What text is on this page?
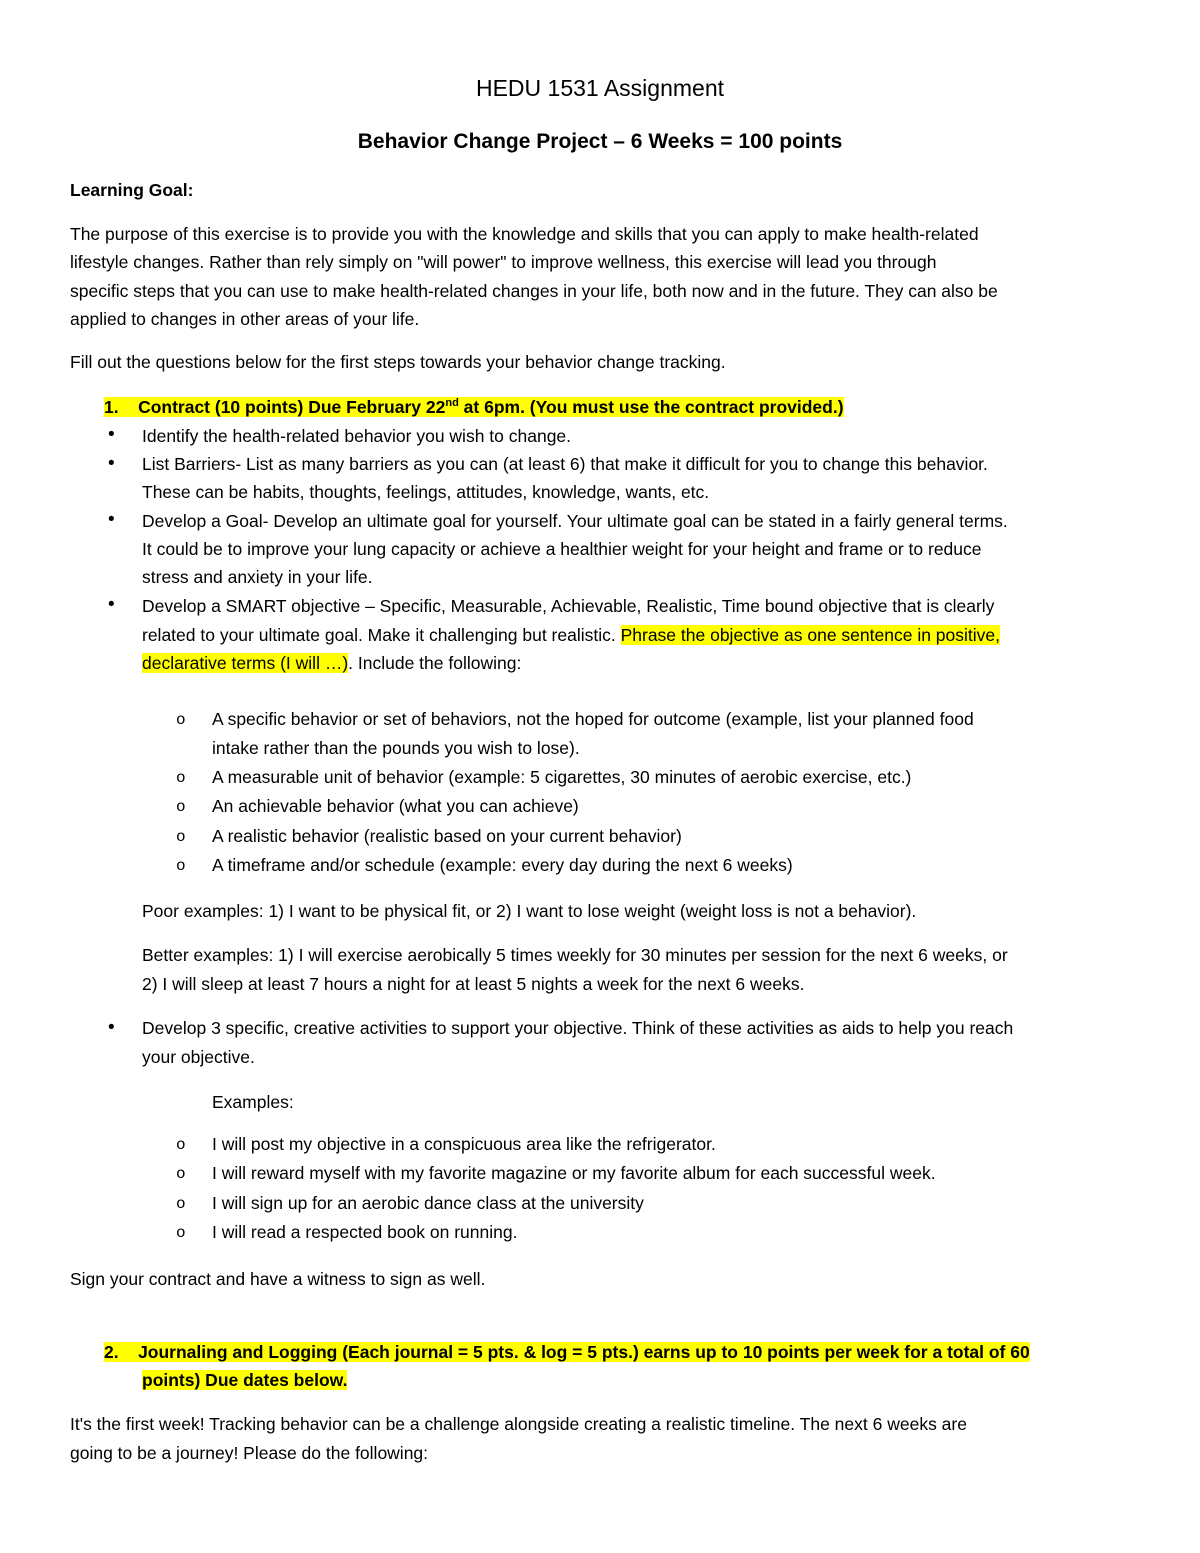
HEDU 1531 Assignment
Behavior Change Project – 6 Weeks = 100 points
Learning Goal:
The purpose of this exercise is to provide you with the knowledge and skills that you can apply to make health-related
lifestyle changes. Rather than rely simply on "will power" to improve wellness, this exercise will lead you through
specific steps that you can use to make health-related changes in your life, both now and in the future. They can also be
applied to changes in other areas of your life.
Fill out the questions below for the first steps towards your behavior change tracking.
1. Contract (10 points) Due February 22nd at 6pm. (You must use the contract provided.)
• Identify the health-related behavior you wish to change.
• List Barriers- List as many barriers as you can (at least 6) that make it difficult for you to change this behavior.
These can be habits, thoughts, feelings, attitudes, knowledge, wants, etc.
• Develop a Goal- Develop an ultimate goal for yourself. Your ultimate goal can be stated in a fairly general terms.
It could be to improve your lung capacity or achieve a healthier weight for your height and frame or to reduce
stress and anxiety in your life.
• Develop a SMART objective – Specific, Measurable, Achievable, Realistic, Time bound objective that is clearly
related to your ultimate goal. Make it challenging but realistic. Phrase the objective as one sentence in positive,
declarative terms (I will …). Include the following:
o A specific behavior or set of behaviors, not the hoped for outcome (example, list your planned food
intake rather than the pounds you wish to lose).
o A measurable unit of behavior (example: 5 cigarettes, 30 minutes of aerobic exercise, etc.)
o An achievable behavior (what you can achieve)
o A realistic behavior (realistic based on your current behavior)
o A timeframe and/or schedule (example: every day during the next 6 weeks)
Poor examples: 1) I want to be physical fit, or 2) I want to lose weight (weight loss is not a behavior).
Better examples: 1) I will exercise aerobically 5 times weekly for 30 minutes per session for the next 6 weeks, or
2) I will sleep at least 7 hours a night for at least 5 nights a week for the next 6 weeks.
• Develop 3 specific, creative activities to support your objective. Think of these activities as aids to help you reach
your objective.
Examples:
o I will post my objective in a conspicuous area like the refrigerator.
o I will reward myself with my favorite magazine or my favorite album for each successful week.
o I will sign up for an aerobic dance class at the university
o I will read a respected book on running.
Sign your contract and have a witness to sign as well.
2. Journaling and Logging (Each journal = 5 pts. & log = 5 pts.) earns up to 10 points per week for a total of 60
points) Due dates below.
It's the first week! Tracking behavior can be a challenge alongside creating a realistic timeline. The next 6 weeks are
going to be a journey! Please do the following:
